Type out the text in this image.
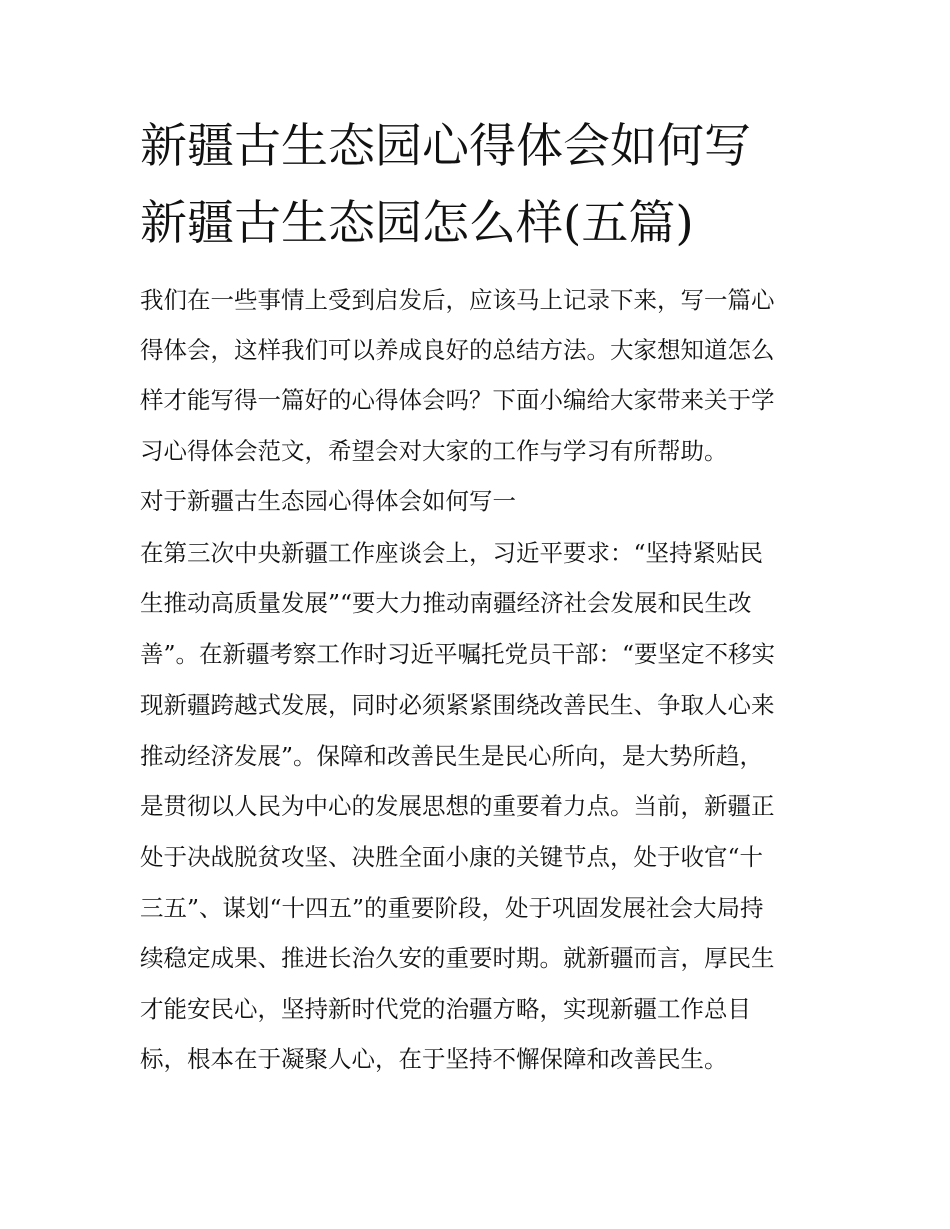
新疆古生态园心得体会如何写
新疆古生态园怎么样(五篇)

我们在一些事情上受到启发后，应该马上记录下来，写一篇心

得体会，这样我们可以养成良好的总结方法。大家想知道怎么

样才能写得一篇好的心得体会吗？下面小编给大家带来关于学

习心得体会范文，希望会对大家的工作与学习有所帮助。

对于新疆古生态园心得体会如何写一

在第三次中央新疆工作座谈会上，习近平要求：“坚持紧贴民

生推动高质量发展”“要大力推动南疆经济社会发展和民生改

善”。在新疆考察工作时习近平嘱托党员干部：“要坚定不移实

现新疆跨越式发展，同时必须紧紧围绕改善民生、争取人心来

推动经济发展”。保障和改善民生是民心所向，是大势所趋，

是贯彻以人民为中心的发展思想的重要着力点。当前，新疆正

处于决战脱贫攻坚、决胜全面小康的关键节点，处于收官“十

三五”、谋划“十四五”的重要阶段，处于巩固发展社会大局持

续稳定成果、推进长治久安的重要时期。就新疆而言，厚民生

才能安民心，坚持新时代党的治疆方略，实现新疆工作总目

标，根本在于凝聚人心，在于坚持不懈保障和改善民生。
